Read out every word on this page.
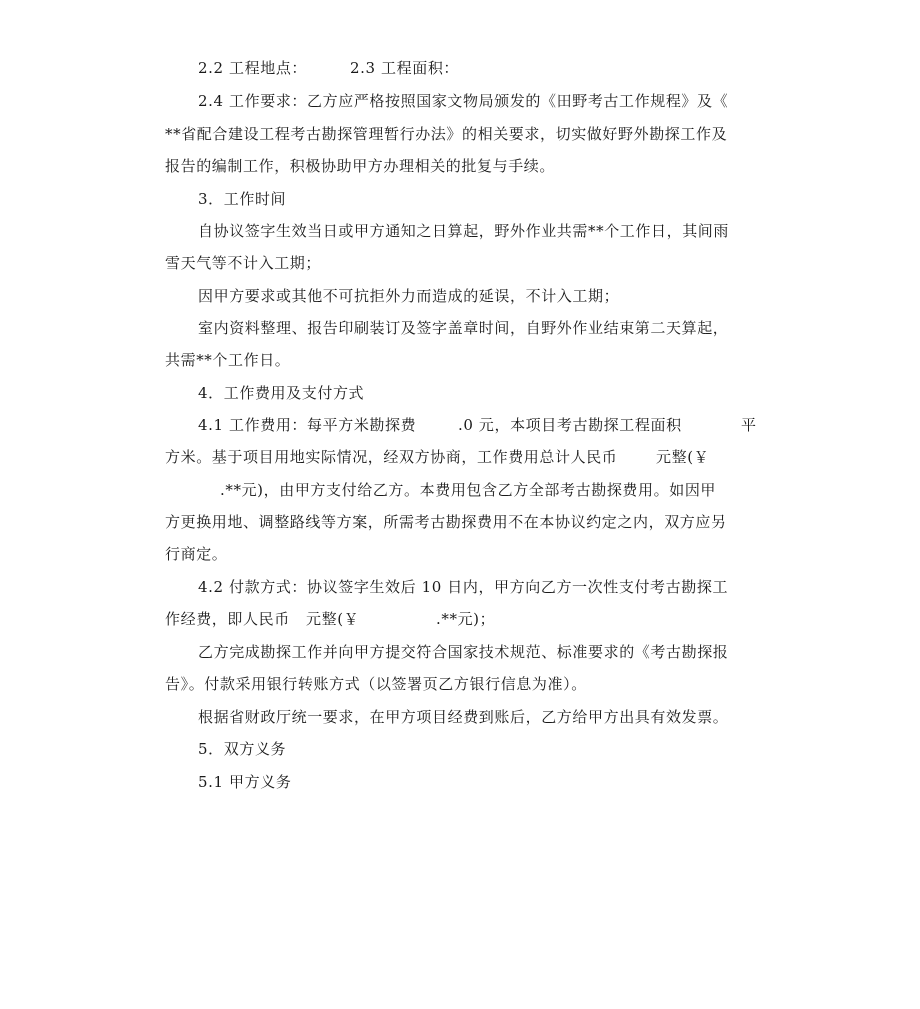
2.2 工程地点：	2.3 工程面积：
2.4 工作要求：乙方应严格按照国家文物局颁发的《田野考古工作规程》及《
**省配合建设工程考古勘探管理暂行办法》的相关要求，切实做好野外勘探工作及
报告的编制工作，积极协助甲方办理相关的批复与手续。
3．工作时间
自协议签字生效当日或甲方通知之日算起，野外作业共需**个工作日，其间雨
雪天气等不计入工期；
因甲方要求或其他不可抗拒外力而造成的延误，不计入工期；
室内资料整理、报告印刷装订及签字盖章时间，自野外作业结束第二天算起，
共需**个工作日。
4．工作费用及支付方式
4.1 工作费用：每平方米勘探费	.0 元，本项目考古勘探工程面积	平
方米。基于项目用地实际情况，经双方协商，工作费用总计人民币	元整(￥
.**元)，由甲方支付给乙方。本费用包含乙方全部考古勘探费用。如因甲
方更换用地、调整路线等方案，所需考古勘探费用不在本协议约定之内，双方应另
行商定。
4.2 付款方式：协议签字生效后 10 日内，甲方向乙方一次性支付考古勘探工
作经费，即人民币 元整(￥	.**元)；
乙方完成勘探工作并向甲方提交符合国家技术规范、标准要求的《考古勘探报
告》。付款采用银行转账方式（以签署页乙方银行信息为准）。
根据省财政厅统一要求，在甲方项目经费到账后，乙方给甲方出具有效发票。
5．双方义务
5.1 甲方义务
